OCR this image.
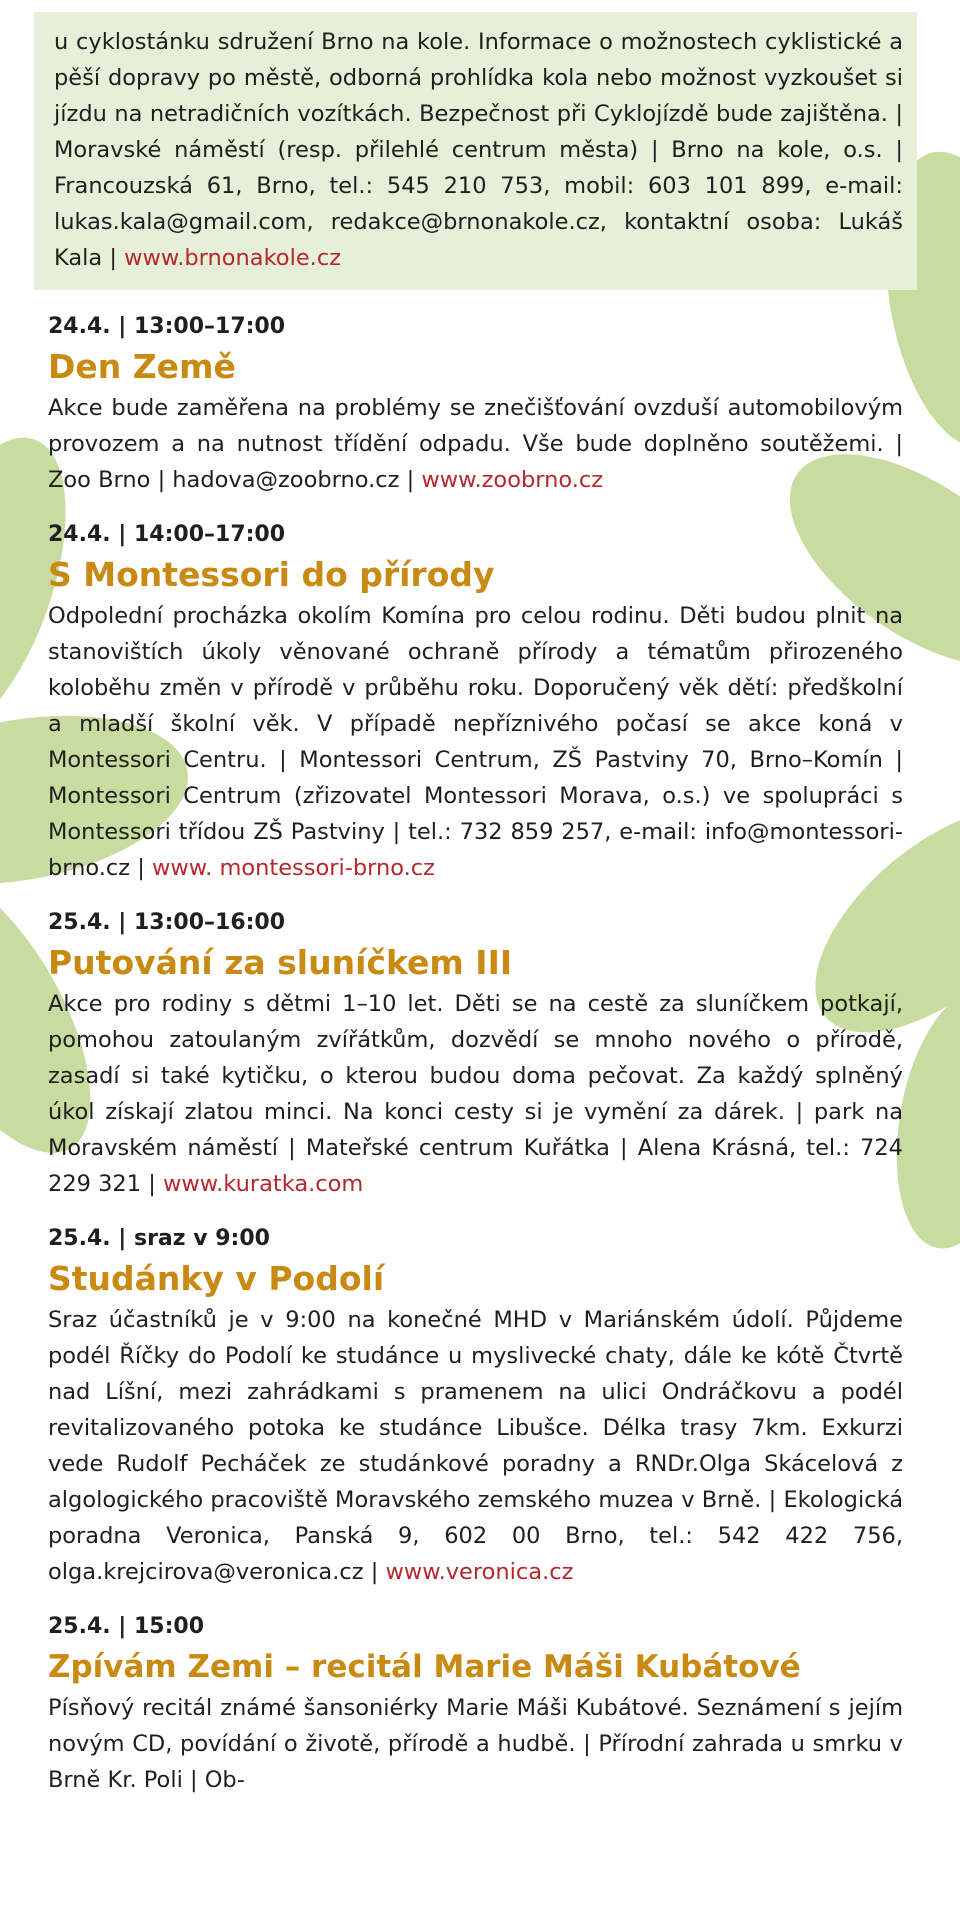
u cyklostánku sdružení Brno na kole. Informace o možnostech cyklistické a pěší dopravy po městě, odborná prohlídka kola nebo možnost vyzkoušet si jízdu na netradičních vozítkách. Bezpečnost při Cyklojízdě bude zajištěna. | Moravské náměstí (resp. přilehlé centrum města) | Brno na kole, o.s. | Francouzská 61, Brno, tel.: 545 210 753, mobil: 603 101 899, e-mail: lukas.kala@gmail.com, redakce@brnonakole.cz, kontaktní osoba: Lukáš Kala | www.brnonakole.cz
24.4. | 13:00–17:00
Den Země
Akce bude zaměřena na problémy se znečišťování ovzduší automobilovým provozem a na nutnost třídění odpadu. Vše bude doplněno soutěžemi. | Zoo Brno | hadova@zoobrno.cz | www.zoobrno.cz
24.4. | 14:00–17:00
S Montessori do přírody
Odpolední procházka okolím Komína pro celou rodinu. Děti budou plnit na stanovištích úkoly věnované ochraně přírody a tématům přirozeného koloběhu změn v přírodě v průběhu roku. Doporučený věk dětí: předškolní a mladší školní věk. V případě nepříznivého počasí se akce koná v Montessori Centru. | Montessori Centrum, ZŠ Pastviny 70, Brno–Komín | Montessori Centrum (zřizovatel Montessori Morava, o.s.) ve spolupráci s Montessori třídou ZŠ Pastviny | tel.: 732 859 257, e-mail: info@montessori-brno.cz | www. montessori-brno.cz
25.4. | 13:00–16:00
Putování za sluníčkem III
Akce pro rodiny s dětmi 1–10 let. Děti se na cestě za sluníčkem potkají, pomohou zatoulaným zvířátkům, dozvědí se mnoho nového o přírodě, zasadí si také kytičku, o kterou budou doma pečovat. Za každý splněný úkol získají zlatou minci. Na konci cesty si je vymění za dárek. | park na Moravském náměstí | Mateřské centrum Kuřátka | Alena Krásná, tel.: 724 229 321 | www.kuratka.com
25.4. | sraz v 9:00
Studánky v Podolí
Sraz účastníků je v 9:00 na konečné MHD v Mariánském údolí. Půjdeme podél Říčky do Podolí ke studánce u myslivecké chaty, dále ke kótě Čtvrtě nad Líšní, mezi zahrádkami s pramenem na ulici Ondráčkovu a podél revitalizovaného potoka ke studánce Libušce. Délka trasy 7km. Exkurzi vede Rudolf Pecháček ze studánkové poradny a RNDr.Olga Skácelová z algologického pracoviště Moravského zemského muzea v Brně. | Ekologická poradna Veronica, Panská 9, 602 00 Brno, tel.: 542 422 756, olga.krejcirova@veronica.cz | www.veronica.cz
25.4. | 15:00
Zpívám Zemi – recitál Marie Máši Kubátové
Písňový recitál známé šansoniérky Marie Máši Kubátové. Seznámení s jejím novým CD, povídání o životě, přírodě a hudbě. | Přírodní zahrada u smrku v Brně Kr. Poli | Ob-
